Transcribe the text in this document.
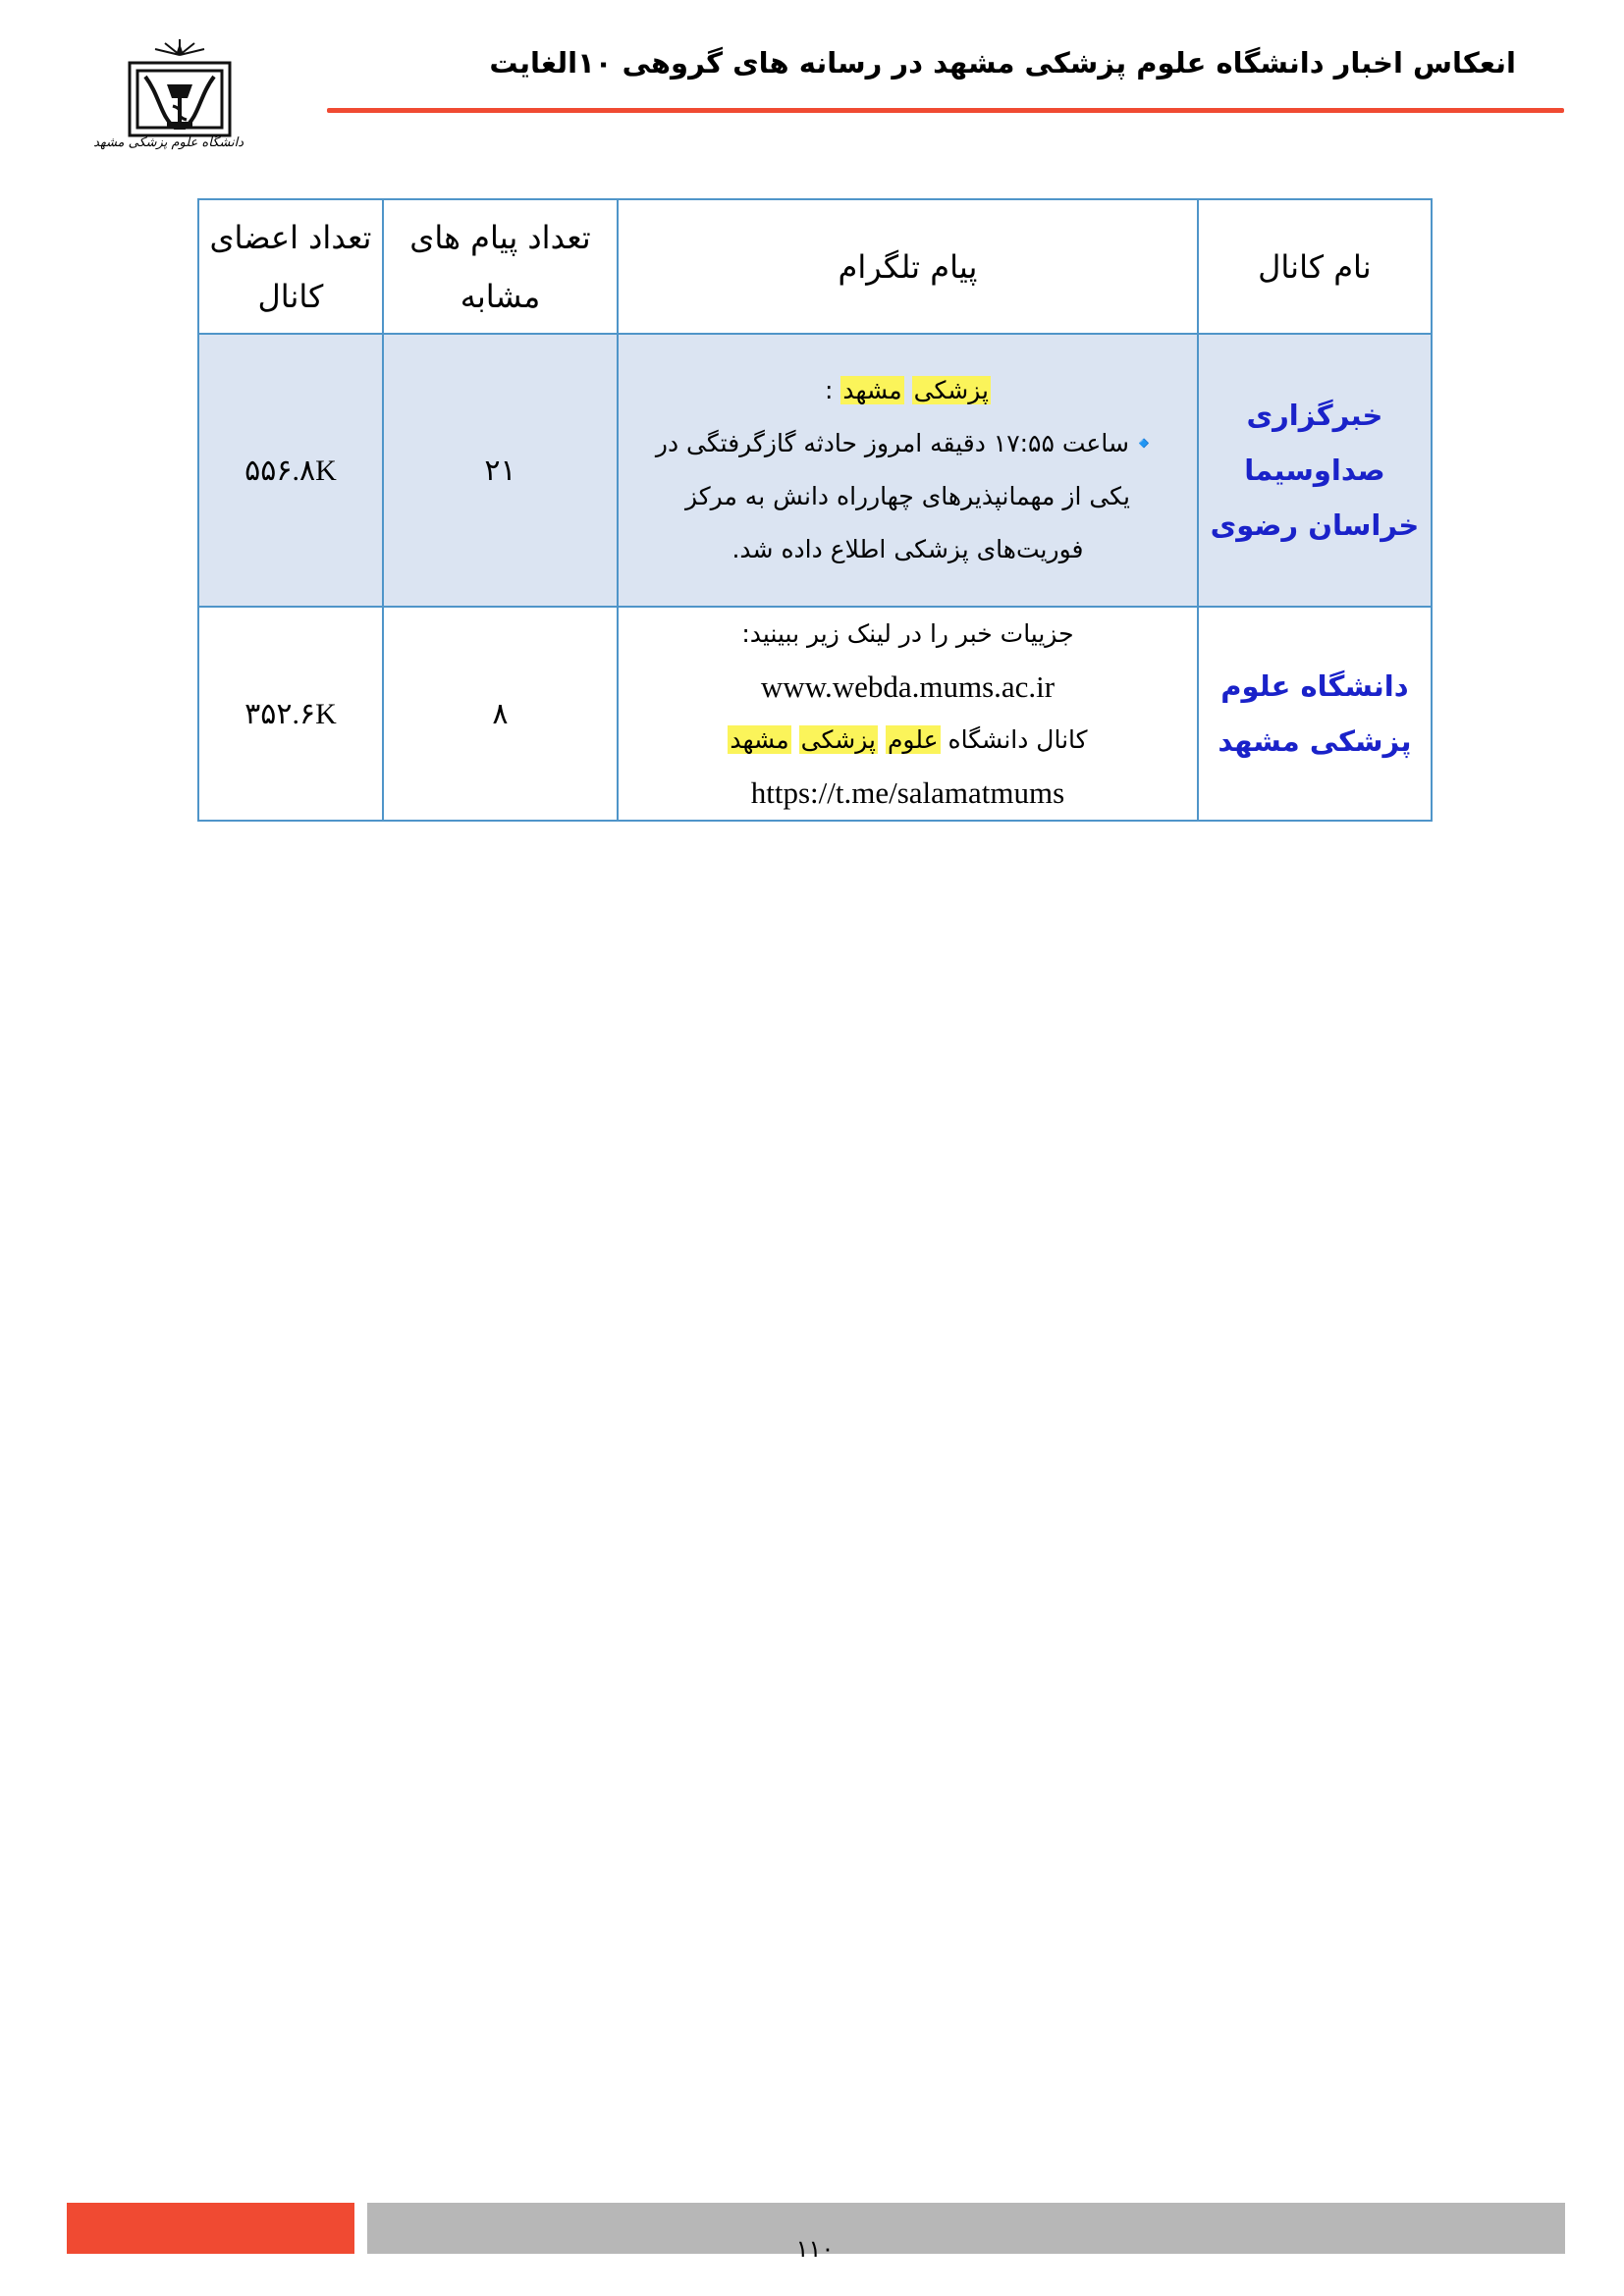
انعکاس اخبار دانشگاه علوم پزشکی مشهد در رسانه های گروهی ۱۰الغایت
دانشگاه علوم پزشکی مشهد
نام کانال	پیام تلگرام	تعداد پیام های مشابه	تعداد اعضای کانال

خبرگزاری صداوسیما خراسان رضوی	پزشکی مشهد :
🔹ساعت ۱۷:۵۵ دقیقه امروز حادثه گازگرفتگی در
یکی از مهمانپذیرهای چهارراه دانش به مرکز
فوریت‌های پزشکی اطلاع داده شد.	۲۱	۵۵۶.۸K

دانشگاه علوم پزشکی مشهد	جزییات خبر را در لینک زیر ببینید:
www.webda.mums.ac.ir
کانال دانشگاه علوم پزشکی مشهد
https://t.me/salamatmums	۸	۳۵۲.۶K
۱۱۰
